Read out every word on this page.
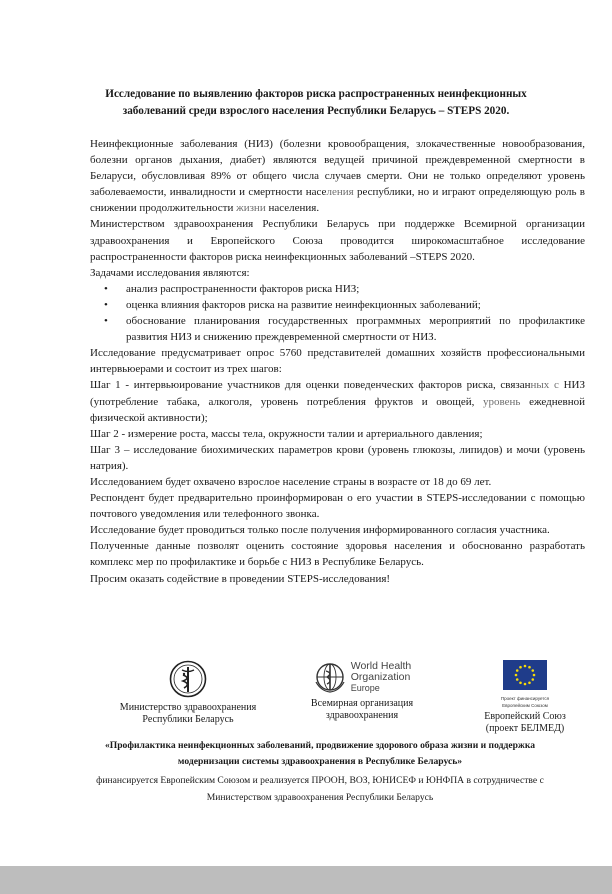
Исследование по выявлению факторов риска распространенных неинфекционных заболеваний среди взрослого населения Республики Беларусь – STEPS 2020.

Неинфекционные заболевания (НИЗ) (болезни кровообращения, злокачественные новообразования, болезни органов дыхания, диабет) являются ведущей причиной преждевременной смертности в Беларуси, обусловливая 89% от общего числа случаев смерти. Они не только определяют уровень заболеваемости, инвалидности и смертности населения республики, но и играют определяющую роль в снижении продолжительности жизни населения.

Министерством здравоохранения Республики Беларусь при поддержке Всемирной организации здравоохранения и Европейского Союза проводится широкомасштабное исследование распространенности факторов риска неинфекционных заболеваний –STEPS 2020.

Задачами исследования являются:

• анализ распространенности факторов риска НИЗ;
• оценка влияния факторов риска на развитие неинфекционных заболеваний;
• обоснование планирования государственных программных мероприятий по профилактике развития НИЗ и снижению преждевременной смертности от НИЗ.

Исследование предусматривает опрос 5760 представителей домашних хозяйств профессиональными интервьюерами и состоит из трех шагов:

Шаг 1 - интервьюирование участников для оценки поведенческих факторов риска, связанных с НИЗ (употребление табака, алкоголя, уровень потребления фруктов и овощей, уровень ежедневной физической активности);

Шаг 2 - измерение роста, массы тела, окружности талии и артериального давления;

Шаг 3 – исследование биохимических параметров крови (уровень глюкозы, липидов) и мочи (уровень натрия).

Исследованием будет охвачено взрослое население страны в возрасте от 18 до 69 лет.

Респондент будет предварительно проинформирован о его участии в STEPS-исследовании с помощью почтового уведомления или телефонного звонка.

Исследование будет проводиться только после получения информированного согласия участника.

Полученные данные позволят оценить состояние здоровья населения и обоснованно разработать комплекс мер по профилактике и борьбе с НИЗ в Республике Беларусь.

Просим оказать содействие в проведении STEPS-исследования!

Министерство здравоохранения
Республики Беларусь
World Health
Organization
Europe
Всемирная организация
здравоохранения
Проект финансируется
Европейским Союзом
Европейский Союз
(проект БЕЛМЕД)
«Профилактика неинфекционных заболеваний, продвижение здорового образа жизни и поддержка
модернизации системы здравоохранения в Республике Беларусь»
финансируется Европейским Союзом и реализуется ПРООН, ВОЗ, ЮНИСЕФ и ЮНФПА в сотрудничестве с
Министерством здравоохранения Республики Беларусь
